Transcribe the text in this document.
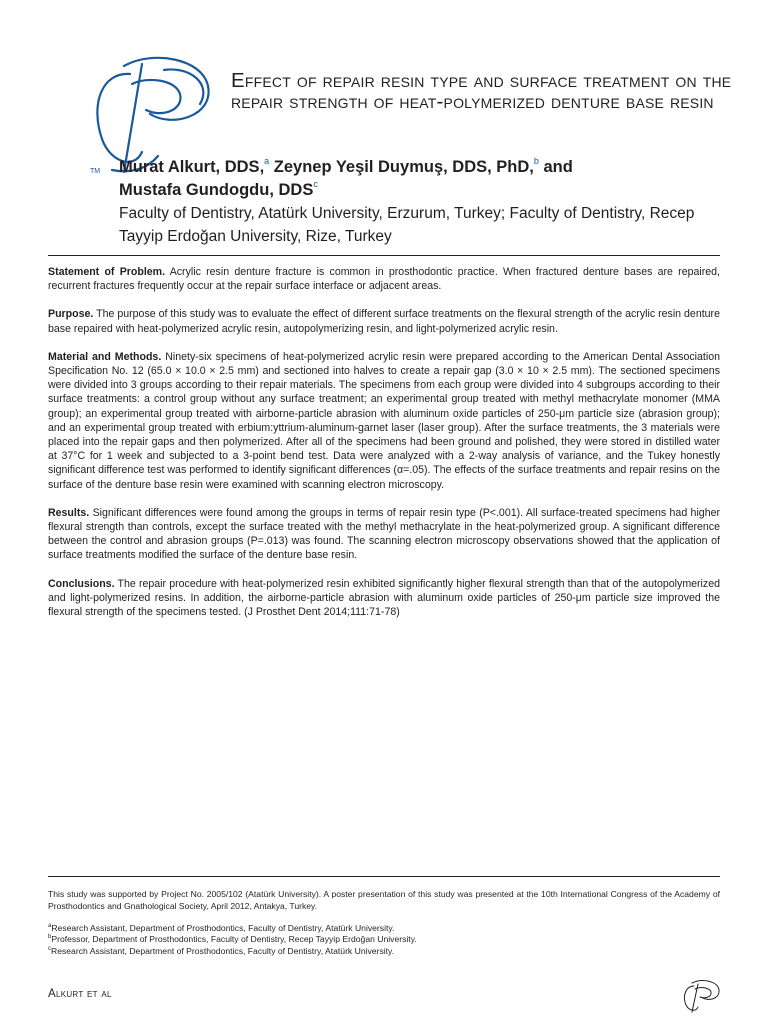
TM
Effect of repair resin type and surface treatment on the repair strength of heat-polymerized denture base resin
Murat Alkurt, DDS,$^a$ Zeynep Yeşil Duymuş, DDS, PhD,$^b$ and
Mustafa Gundogdu, DDS$^c$
Faculty of Dentistry, Atatürk University, Erzurum, Turkey; Faculty of Dentistry, Recep Tayyip Erdoğan University, Rize, Turkey

Statement of Problem. Acrylic resin denture fracture is common in prosthodontic practice. When fractured denture bases are repaired, recurrent fractures frequently occur at the repair surface interface or adjacent areas.

Purpose. The purpose of this study was to evaluate the effect of different surface treatments on the flexural strength of the acrylic resin denture base repaired with heat-polymerized acrylic resin, autopolymerizing resin, and light-polymerized acrylic resin.

Material and Methods. Ninety-six specimens of heat-polymerized acrylic resin were prepared according to the American Dental Association Specification No. 12 (65.0 × 10.0 × 2.5 mm) and sectioned into halves to create a repair gap (3.0 × 10 × 2.5 mm). The sectioned specimens were divided into 3 groups according to their repair materials. The specimens from each group were divided into 4 subgroups according to their surface treatments: a control group without any surface treatment; an experimental group treated with methyl methacrylate monomer (MMA group); an experimental group treated with airborne-particle abrasion with aluminum oxide particles of 250-μm particle size (abrasion group); and an experimental group treated with erbium:yttrium-aluminum-garnet laser (laser group). After the surface treatments, the 3 materials were placed into the repair gaps and then polymerized. After all of the specimens had been ground and polished, they were stored in distilled water at 37°C for 1 week and subjected to a 3-point bend test. Data were analyzed with a 2-way analysis of variance, and the Tukey honestly significant difference test was performed to identify significant differences (α=.05). The effects of the surface treatments and repair resins on the surface of the denture base resin were examined with scanning electron microscopy.

Results. Significant differences were found among the groups in terms of repair resin type (P<.001). All surface-treated specimens had higher flexural strength than controls, except the surface treated with the methyl methacrylate in the heat-polymerized group. A significant difference between the control and abrasion groups (P=.013) was found. The scanning electron microscopy observations showed that the application of surface treatments modified the surface of the denture base resin.

Conclusions. The repair procedure with heat-polymerized resin exhibited significantly higher flexural strength than that of the autopolymerized and light-polymerized resins. In addition, the airborne-particle abrasion with aluminum oxide particles of 250-μm particle size improved the flexural strength of the specimens tested. (J Prosthet Dent 2014;111:71-78)

This study was supported by Project No. 2005/102 (Atatürk University). A poster presentation of this study was presented at the 10th International Congress of the Academy of Prosthodontics and Gnathological Society, April 2012, Antakya, Turkey.

$^a$Research Assistant, Department of Prosthodontics, Faculty of Dentistry, Atatürk University.

$^b$Professor, Department of Prosthodontics, Faculty of Dentistry, Recep Tayyip Erdoğan University.

$^c$Research Assistant, Department of Prosthodontics, Faculty of Dentistry, Atatürk University.

Alkurt et al
